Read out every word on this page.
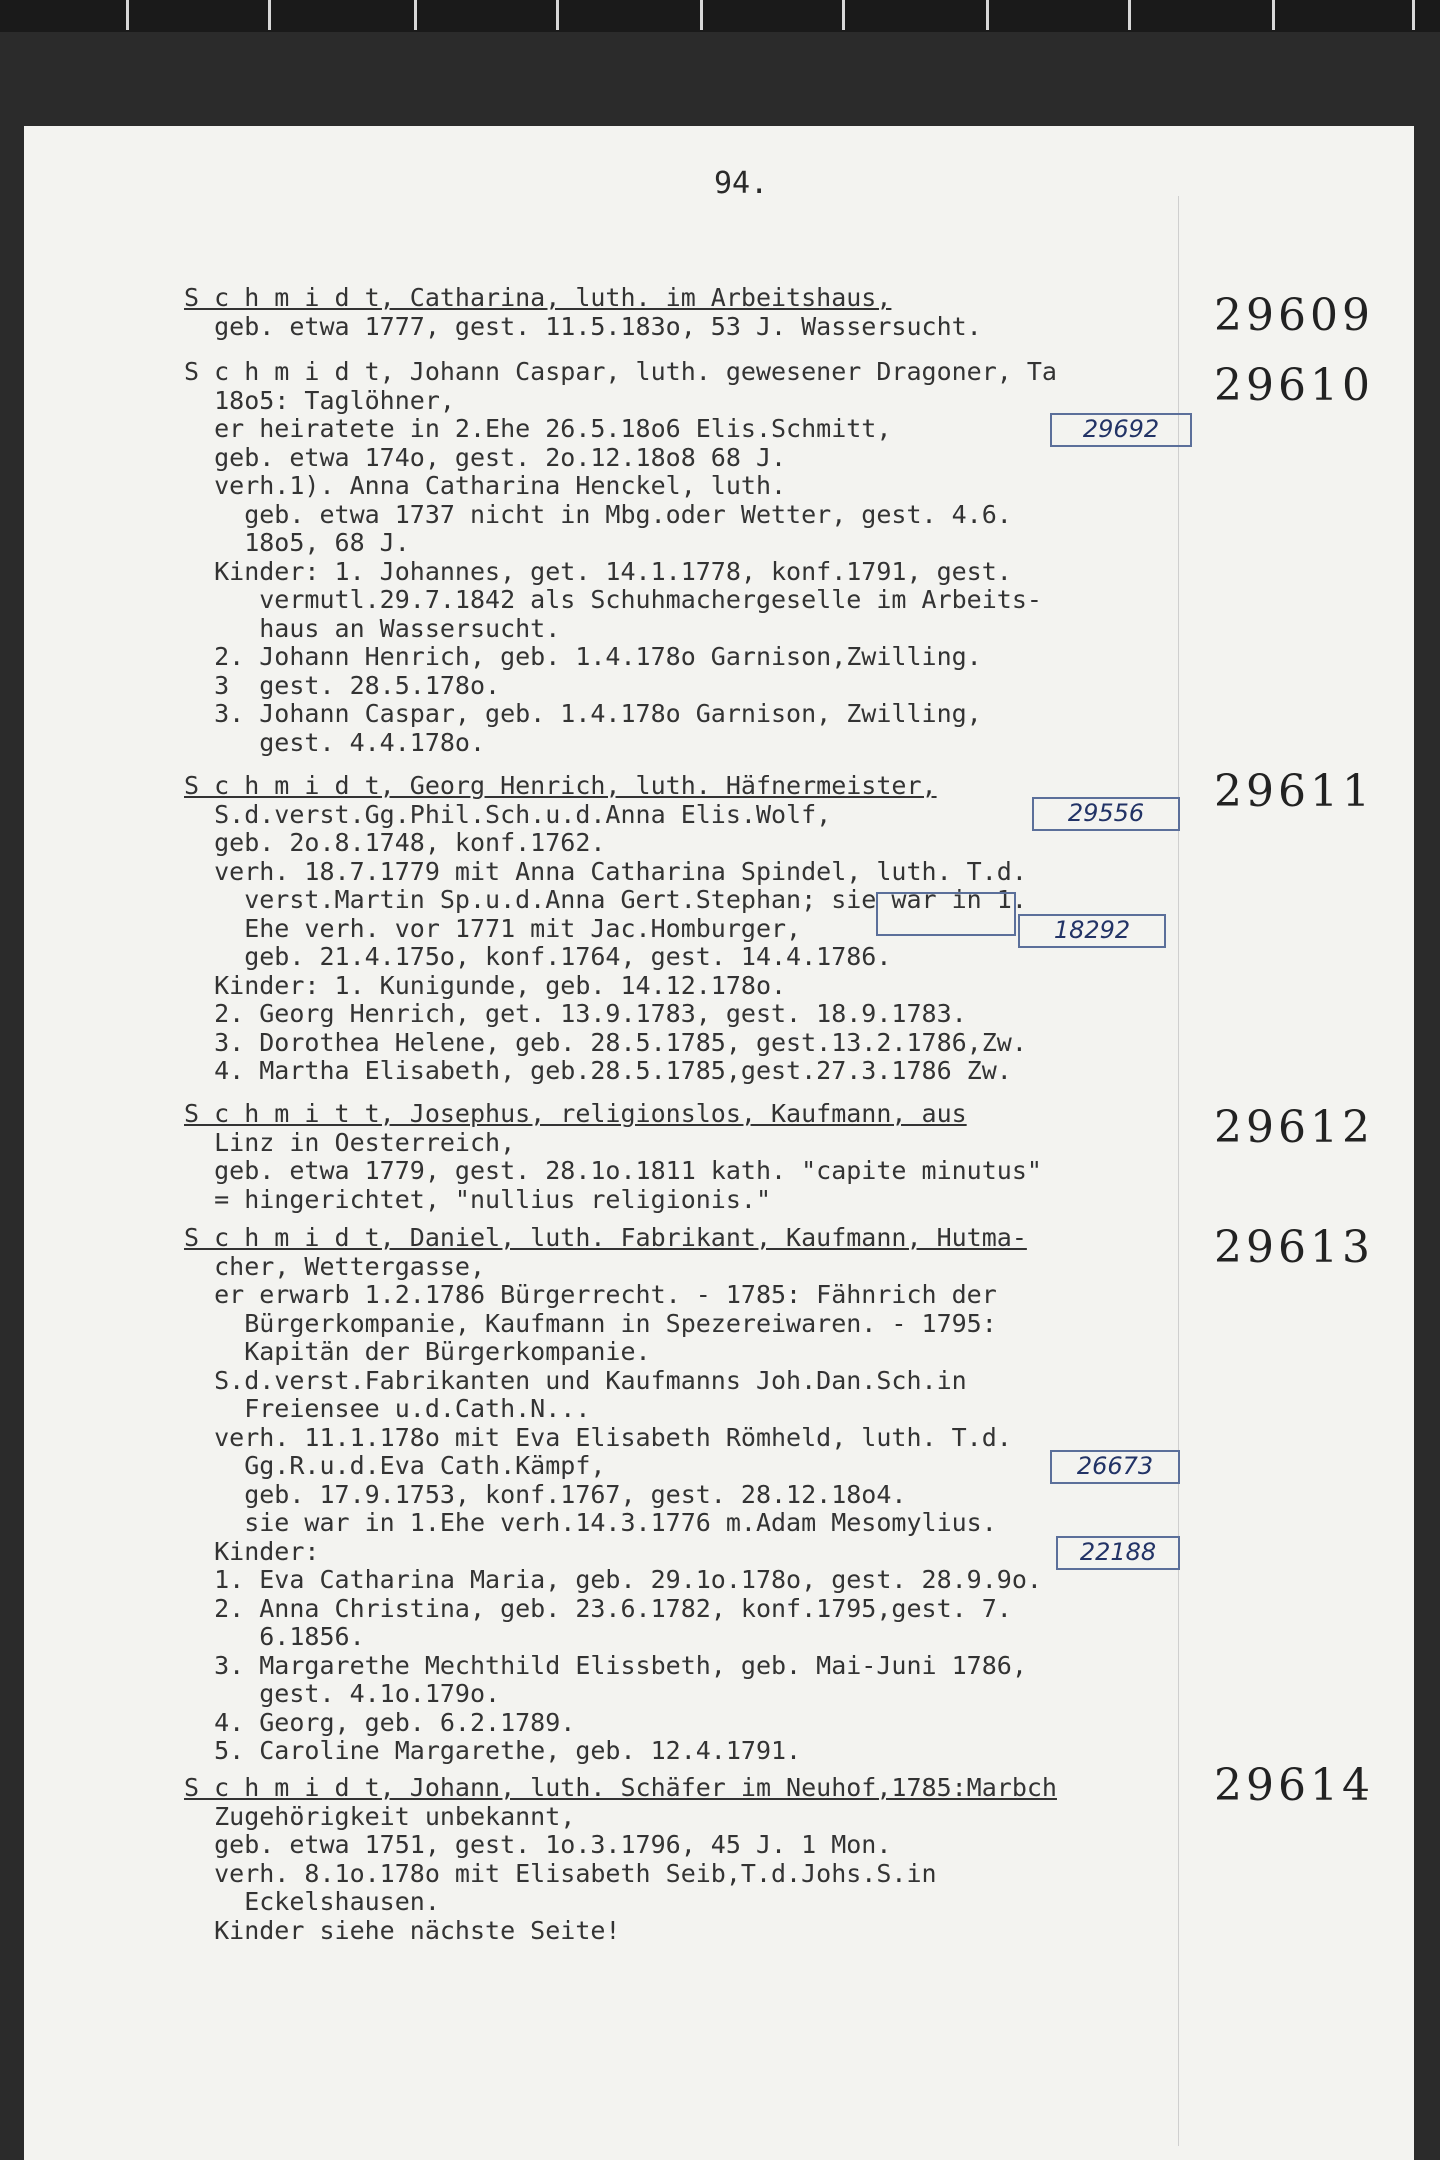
94.
29609
S c h m i d t, Catharina, luth. im Arbeitshaus,
geb. etwa 1777, gest. 11.5.183o, 53 J. Wassersucht.
29610
S c h m i d t, Johann Caspar, luth. gewesener Dragoner, Ta
18o5: Taglöhner,
er heiratete in 2.Ehe 26.5.18o6 Elis.Schmitt,
geb. etwa 174o, gest. 2o.12.18o8 68 J.
verh.1). Anna Catharina Henckel, luth.
geb. etwa 1737 nicht in Mbg.oder Wetter, gest. 4.6.
18o5, 68 J.
Kinder: 1. Johannes, get. 14.1.1778, konf.1791, gest.
vermutl.29.7.1842 als Schuhmachergeselle im Arbeits-
haus an Wassersucht.
2. Johann Henrich, geb. 1.4.178o Garnison,Zwilling.
3  gest. 28.5.178o.
3. Johann Caspar, geb. 1.4.178o Garnison, Zwilling,
gest. 4.4.178o.
29692
29611
S c h m i d t, Georg Henrich, luth. Häfnermeister,
S.d.verst.Gg.Phil.Sch.u.d.Anna Elis.Wolf,
geb. 2o.8.1748, konf.1762.
verh. 18.7.1779 mit Anna Catharina Spindel, luth. T.d.
verst.Martin Sp.u.d.Anna Gert.Stephan; sie war in 1.
Ehe verh. vor 1771 mit Jac.Homburger,
geb. 21.4.175o, konf.1764, gest. 14.4.1786.
Kinder: 1. Kunigunde, geb. 14.12.178o.
2. Georg Henrich, get. 13.9.1783, gest. 18.9.1783.
3. Dorothea Helene, geb. 28.5.1785, gest.13.2.1786,Zw.
4. Martha Elisabeth, geb.28.5.1785,gest.27.3.1786 Zw.
29556
18292
29612
S c h m i t t, Josephus, religionslos, Kaufmann, aus
Linz in Oesterreich,
geb. etwa 1779, gest. 28.1o.1811 kath. "capite minutus"
= hingerichtet, "nullius religionis."
29613
S c h m i d t, Daniel, luth. Fabrikant, Kaufmann, Hutma-
cher, Wettergasse,
er erwarb 1.2.1786 Bürgerrecht. - 1785: Fähnrich der
Bürgerkompanie, Kaufmann in Spezereiwaren. - 1795:
Kapitän der Bürgerkompanie.
S.d.verst.Fabrikanten und Kaufmanns Joh.Dan.Sch.in
Freiensee u.d.Cath.N...
verh. 11.1.178o mit Eva Elisabeth Römheld, luth. T.d.
Gg.R.u.d.Eva Cath.Kämpf,
geb. 17.9.1753, konf.1767, gest. 28.12.18o4.
sie war in 1.Ehe verh.14.3.1776 m.Adam Mesomylius.
Kinder:
1. Eva Catharina Maria, geb. 29.1o.178o, gest. 28.9.9o.
2. Anna Christina, geb. 23.6.1782, konf.1795,gest. 7.
6.1856.
3. Margarethe Mechthild Elissbeth, geb. Mai-Juni 1786,
gest. 4.1o.179o.
4. Georg, geb. 6.2.1789.
5. Caroline Margarethe, geb. 12.4.1791.
26673
22188
29614
S c h m i d t, Johann, luth. Schäfer im Neuhof,1785:Marbch
Zugehörigkeit unbekannt,
geb. etwa 1751, gest. 1o.3.1796, 45 J. 1 Mon.
verh. 8.1o.178o mit Elisabeth Seib,T.d.Johs.S.in
Eckelshausen.
Kinder siehe nächste Seite!
